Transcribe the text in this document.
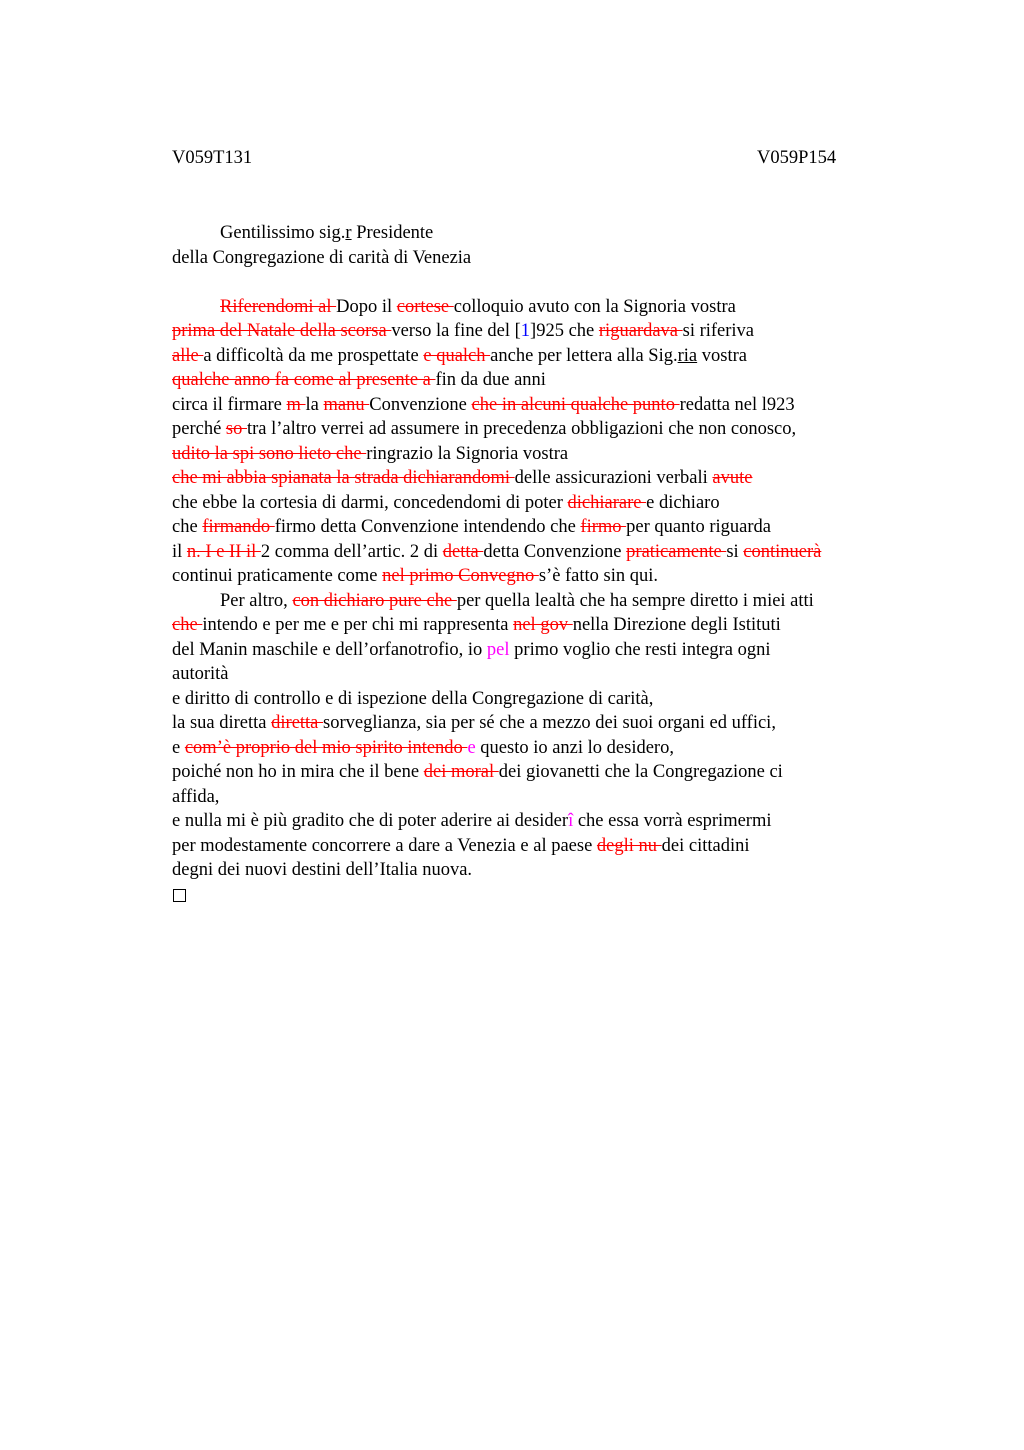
V059T131	V059P154
Gentilissimo sig.r Presidente
della Congregazione di carità di Venezia
Riferendomi al Dopo il cortese colloquio avuto con la Signoria vostra
prima del Natale della scorsa verso la fine del [1]925 che riguardava si riferiva
alle a difficoltà da me prospettate e qualch anche per lettera alla Sig.ria vostra
qualche anno fa come al presente a fin da due anni
circa il firmare m la manu Convenzione che in alcuni qualche punto redatta nel l923
perché so tra l’altro verrei ad assumere in precedenza obbligazioni che non conosco,
udito la spi sono lieto che ringrazio la Signoria vostra
che mi abbia spianata la strada dichiarandomi delle assicurazioni verbali avute
che ebbe la cortesia di darmi, concedendomi di poter dichiarare e dichiaro
che firmando firmo detta Convenzione intendendo che firmo per quanto riguarda
il n. I e II il 2 comma dell’artic. 2 di detta detta Convenzione praticamente si continuerà
continui praticamente come nel primo Convegno s’è fatto sin qui.
Per altro, con dichiaro pure che per quella lealtà che ha sempre diretto i miei atti
che intendo e per me e per chi mi rappresenta nel gov nella Direzione degli Istituti
del Manin maschile e dell’orfanotrofio, io pel primo voglio che resti integra ogni
autorità
e diritto di controllo e di ispezione della Congregazione di carità,
la sua diretta diretta sorveglianza, sia per sé che a mezzo dei suoi organi ed uffici,
e com’è proprio del mio spirito intendo e questo io anzi lo desidero,
poiché non ho in mira che il bene dei moral dei giovanetti che la Congregazione ci
affida,
e nulla mi è più gradito che di poter aderire ai desiderî che essa vorrà esprimermi
per modestamente concorrere a dare a Venezia e al paese degli nu dei cittadini
degni dei nuovi destini dell’Italia nuova.
